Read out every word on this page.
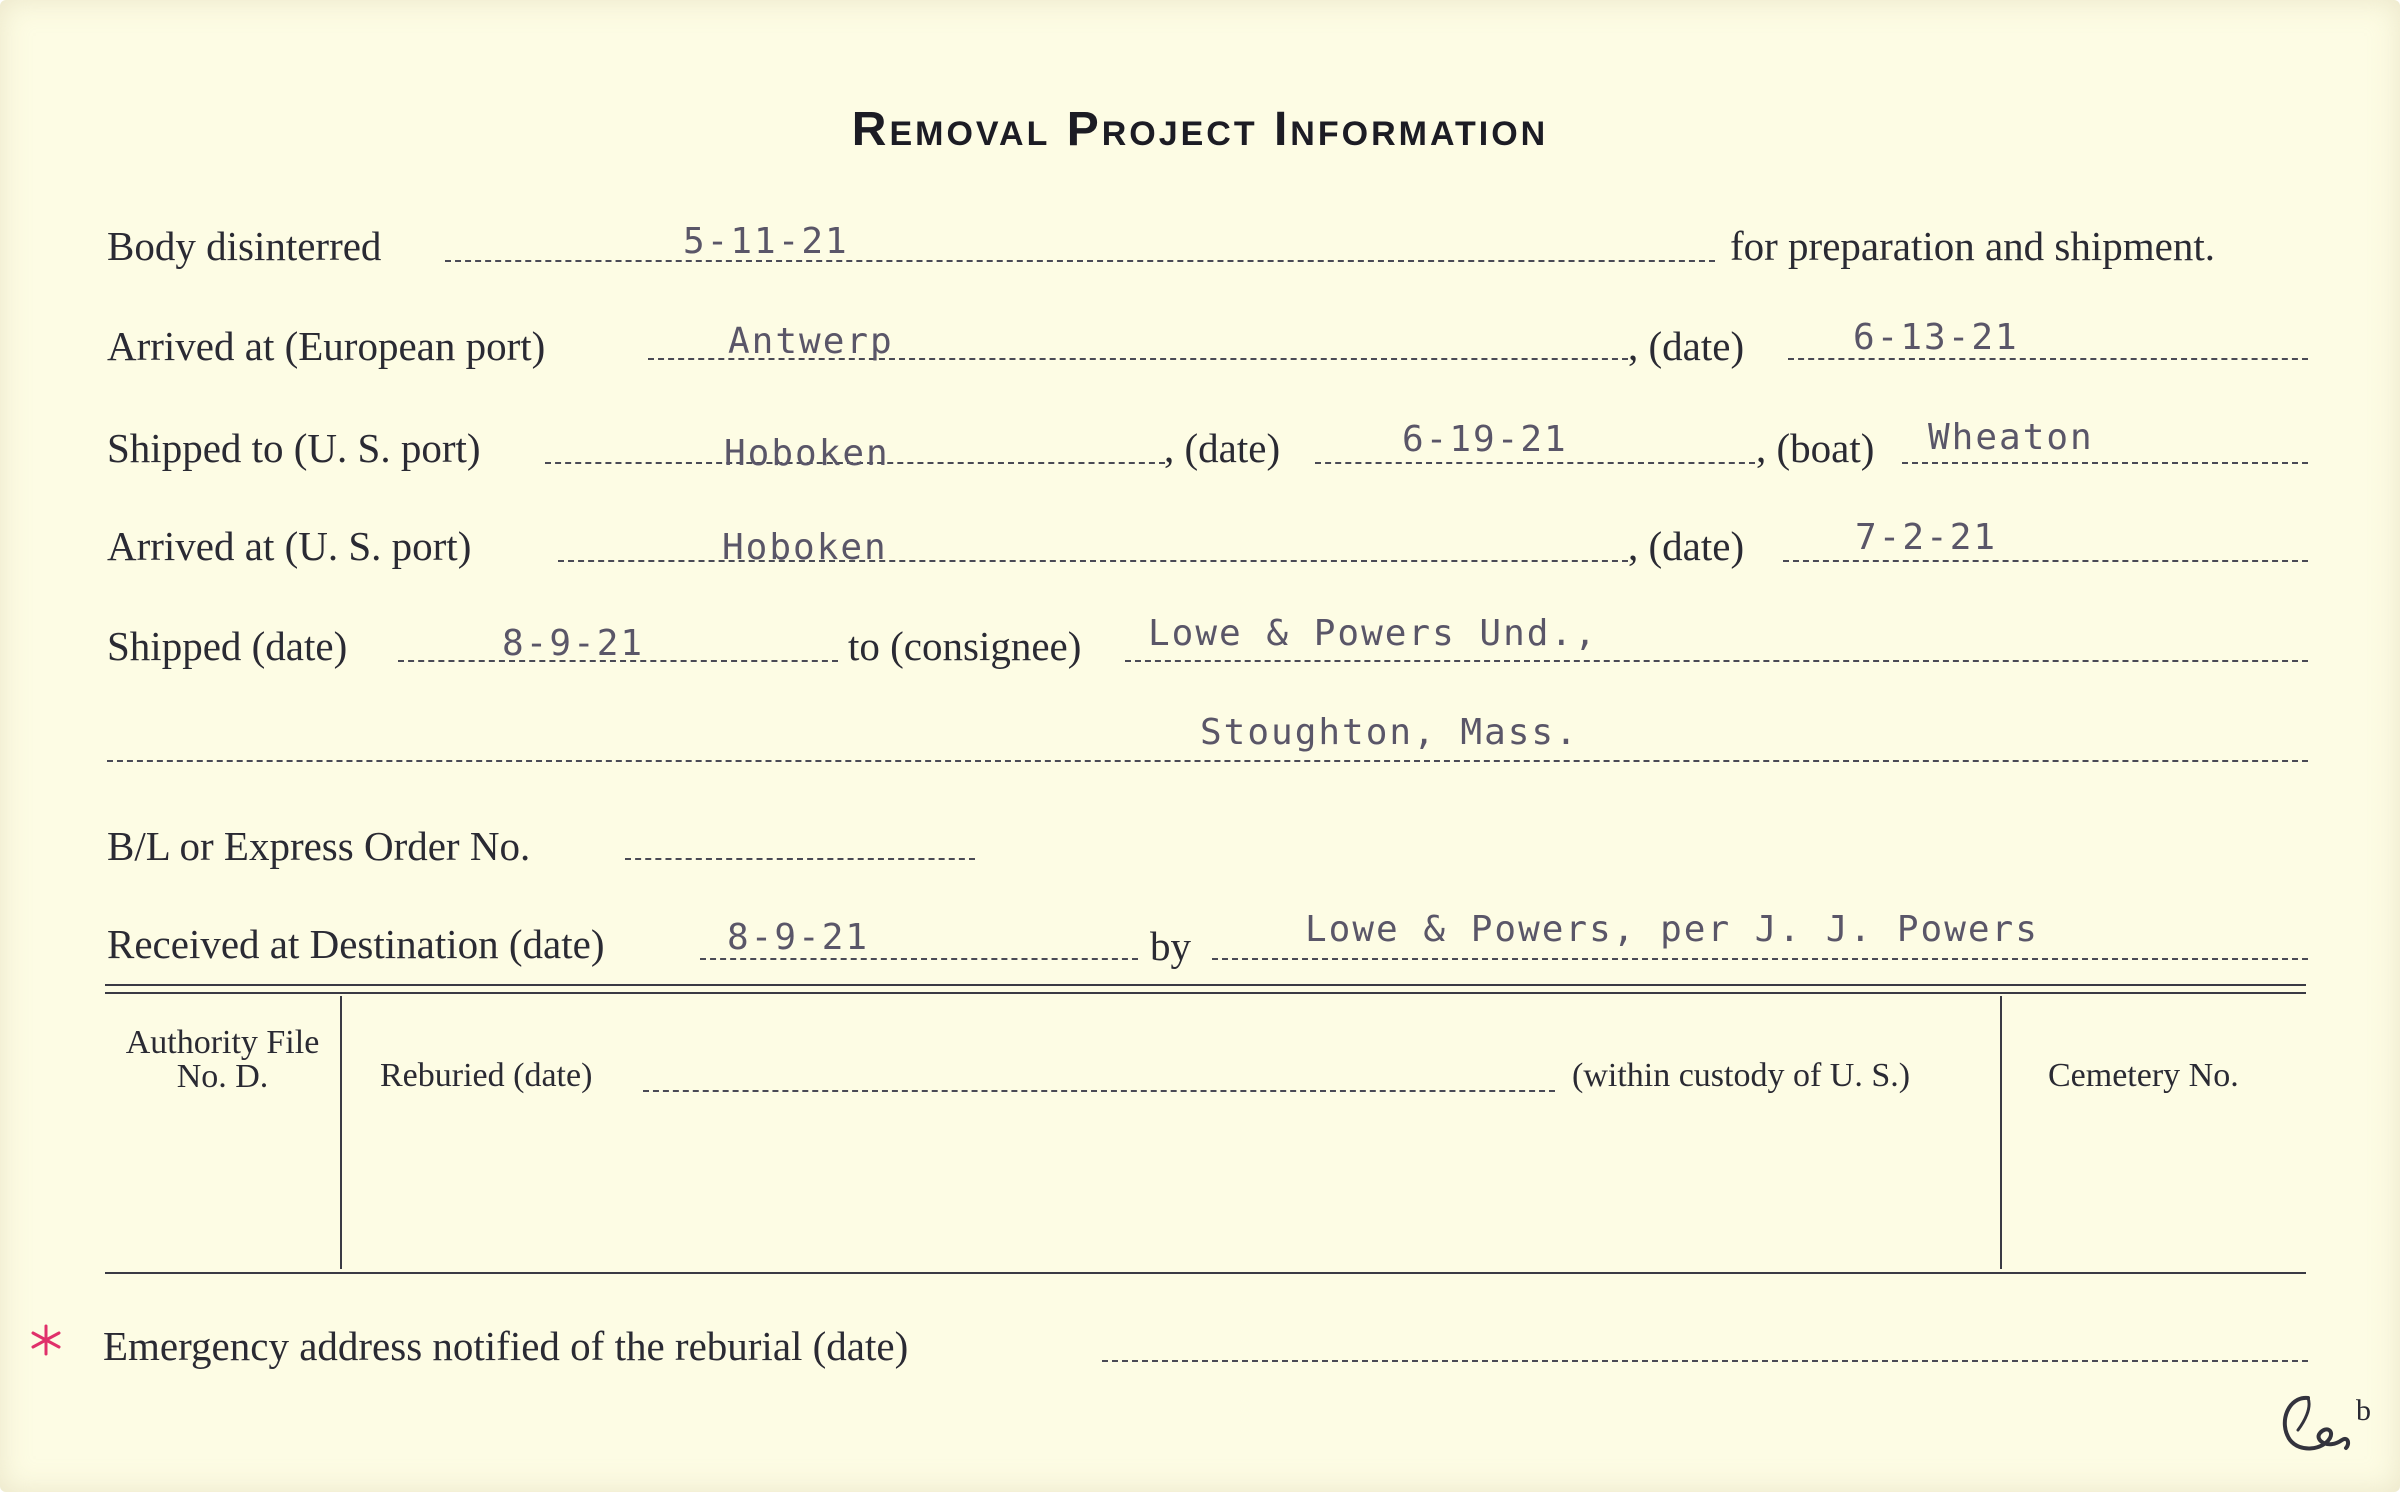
Removal Project Information
Body disinterred	5-11-21	for preparation and shipment.
Arrived at (European port)	Antwerp	, (date)	6-13-21
Shipped to (U. S. port)	Hoboken	, (date)	6-19-21	, (boat) Wheaton
Arrived at (U. S. port)	Hoboken	, (date)	7-2-21
Shipped (date)	8-9-21	to (consignee) Lowe & Powers Und.,
Stoughton, Mass.
B/L or Express Order No.
Received at Destination (date)	8-9-21	by	Lowe & Powers, per J. J. Powers
Authority File No. D.	Reburied (date)	(within custody of U. S.)	Cemetery No.
Emergency address notified of the reburial (date)
b
